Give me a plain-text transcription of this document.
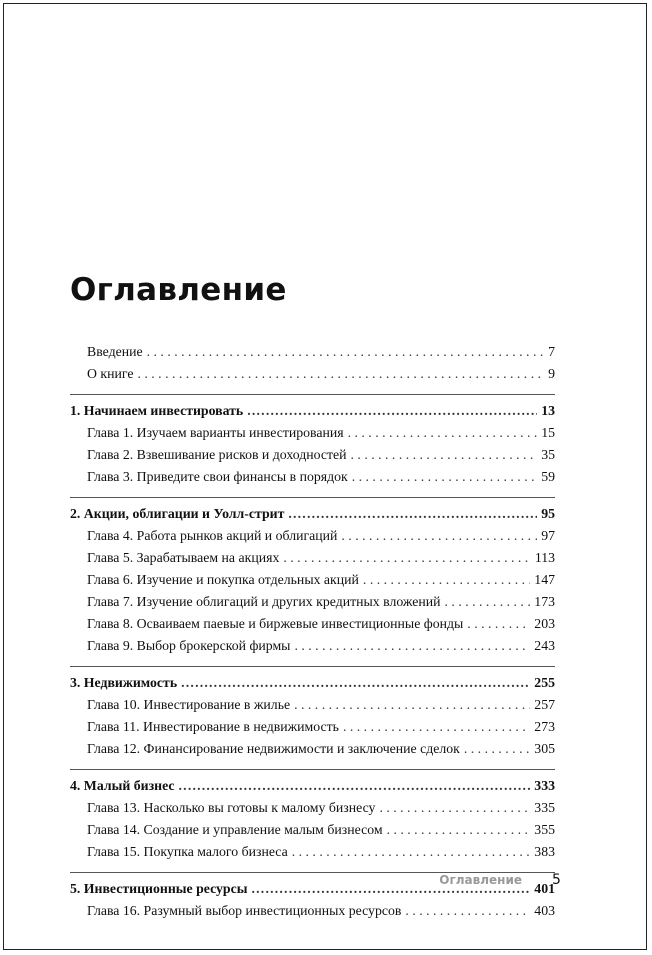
Оглавление
Введение . . .	7
О книге . . .	9
1. Начинаем инвестировать .....	13
Глава 1. Изучаем варианты инвестирования . . .	15
Глава 2. Взвешивание рисков и доходностей . . .	35
Глава 3. Приведите свои финансы в порядок . . .	59
2. Акции, облигации и Уолл-стрит .....	95
Глава 4. Работа рынков акций и облигаций . . .	97
Глава 5. Зарабатываем на акциях . . .	113
Глава 6. Изучение и покупка отдельных акций . . .	147
Глава 7. Изучение облигаций и других кредитных вложений . . .	173
Глава 8. Осваиваем паевые и биржевые инвестиционные фонды . . .	203
Глава 9. Выбор брокерской фирмы . . .	243
3. Недвижимость .....	255
Глава 10. Инвестирование в жилье . . .	257
Глава 11. Инвестирование в недвижимость . . .	273
Глава 12. Финансирование недвижимости и заключение сделок . . .	305
4. Малый бизнес .....	333
Глава 13. Насколько вы готовы к малому бизнесу . . .	335
Глава 14. Создание и управление малым бизнесом . . .	355
Глава 15. Покупка малого бизнеса . . .	383
5. Инвестиционные ресурсы .....	401
Глава 16. Разумный выбор инвестиционных ресурсов . . .	403
Оглавление 5
